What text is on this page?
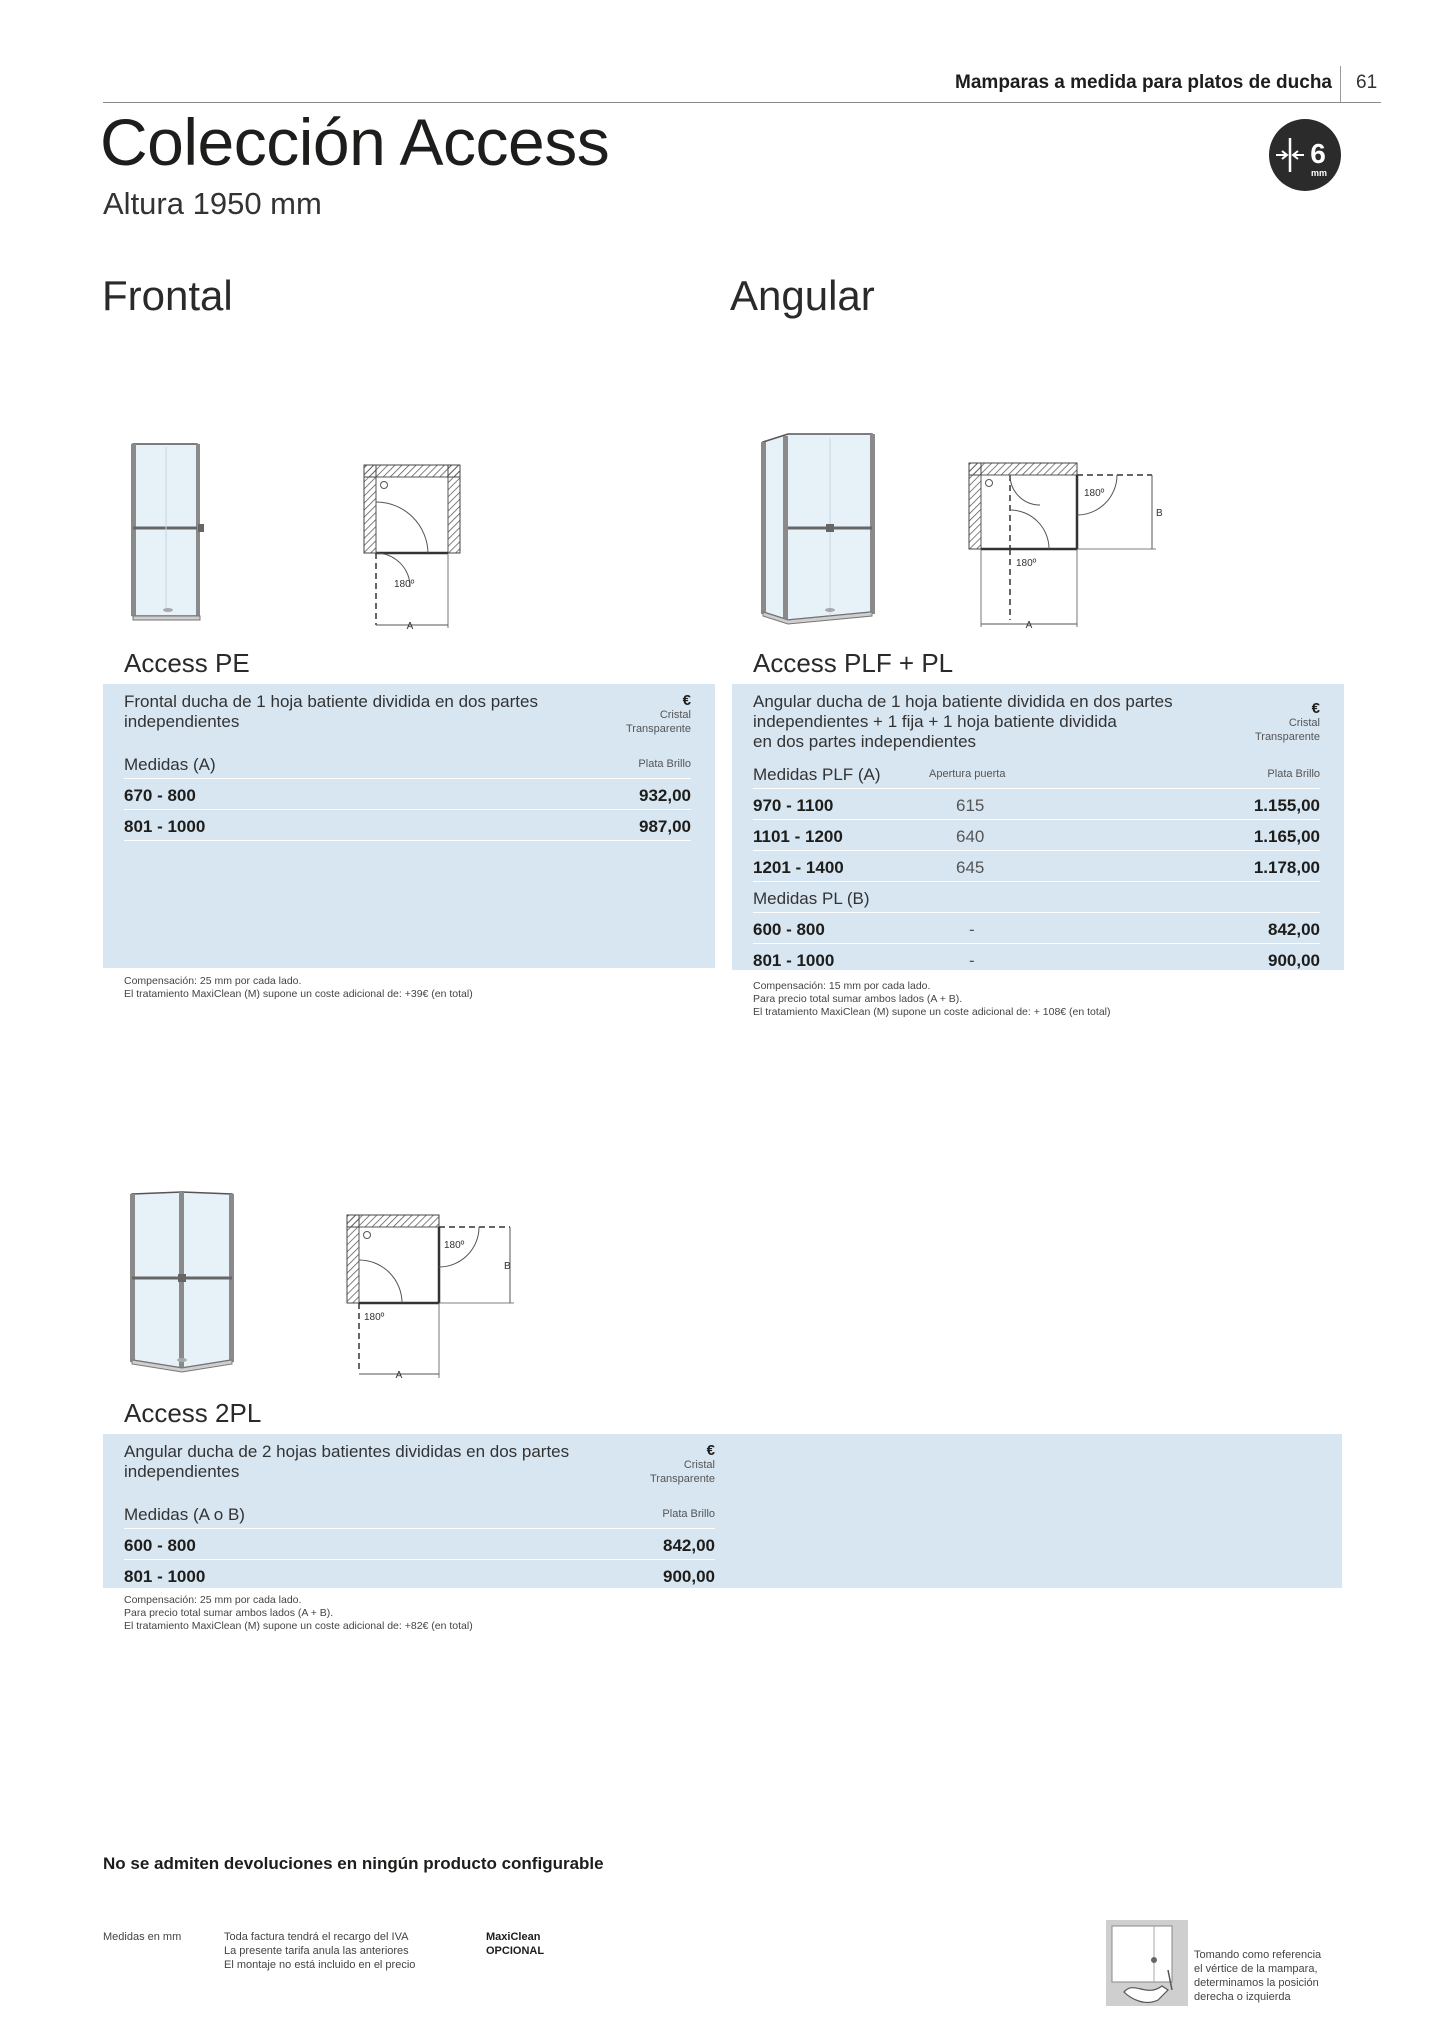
Mamparas a medida para platos de ducha 61
Colección Access
Altura 1950 mm
6
mm
Frontal	Angular
180º
A
Access PE
Frontal ducha de 1 hoja batiente dividida en dos partes
independientes
€
Cristal
Transparente
Medidas (A)	Plata Brillo
670 - 800	932,00
801 - 1000	987,00
Compensación: 25 mm por cada lado.
El tratamiento MaxiClean (M) supone un coste adicional de: +39€ (en total)
180º
180º
B
A
Access PLF + PL
Angular ducha de 1 hoja batiente dividida en dos partes
independientes + 1 fija + 1 hoja batiente dividida
en dos partes independientes
€
Cristal
Transparente
Medidas PLF (A)	Apertura puerta	Plata Brillo
970 - 1100	615	1.155,00
1101 - 1200	640	1.165,00
1201 - 1400	645	1.178,00
Medidas PL (B)
600 - 800	-	842,00
801 - 1000	-	900,00
Compensación: 15 mm por cada lado.
Para precio total sumar ambos lados (A + B).
El tratamiento MaxiClean (M) supone un coste adicional de: + 108€ (en total)
180º
180º
B
A
Access 2PL
Angular ducha de 2 hojas batientes divididas en dos partes
independientes
€
Cristal
Transparente
Medidas (A o B)	Plata Brillo
600 - 800	842,00
801 - 1000	900,00
Compensación: 25 mm por cada lado.
Para precio total sumar ambos lados (A + B).
El tratamiento MaxiClean (M) supone un coste adicional de: +82€ (en total)
No se admiten devoluciones en ningún producto configurable
Medidas en mm	Toda factura tendrá el recargo del IVA
La presente tarifa anula las anteriores
El montaje no está incluido en el precio
MaxiClean
OPCIONAL	Tomando como referencia
el vértice de la mampara,
determinamos la posición
derecha o izquierda
